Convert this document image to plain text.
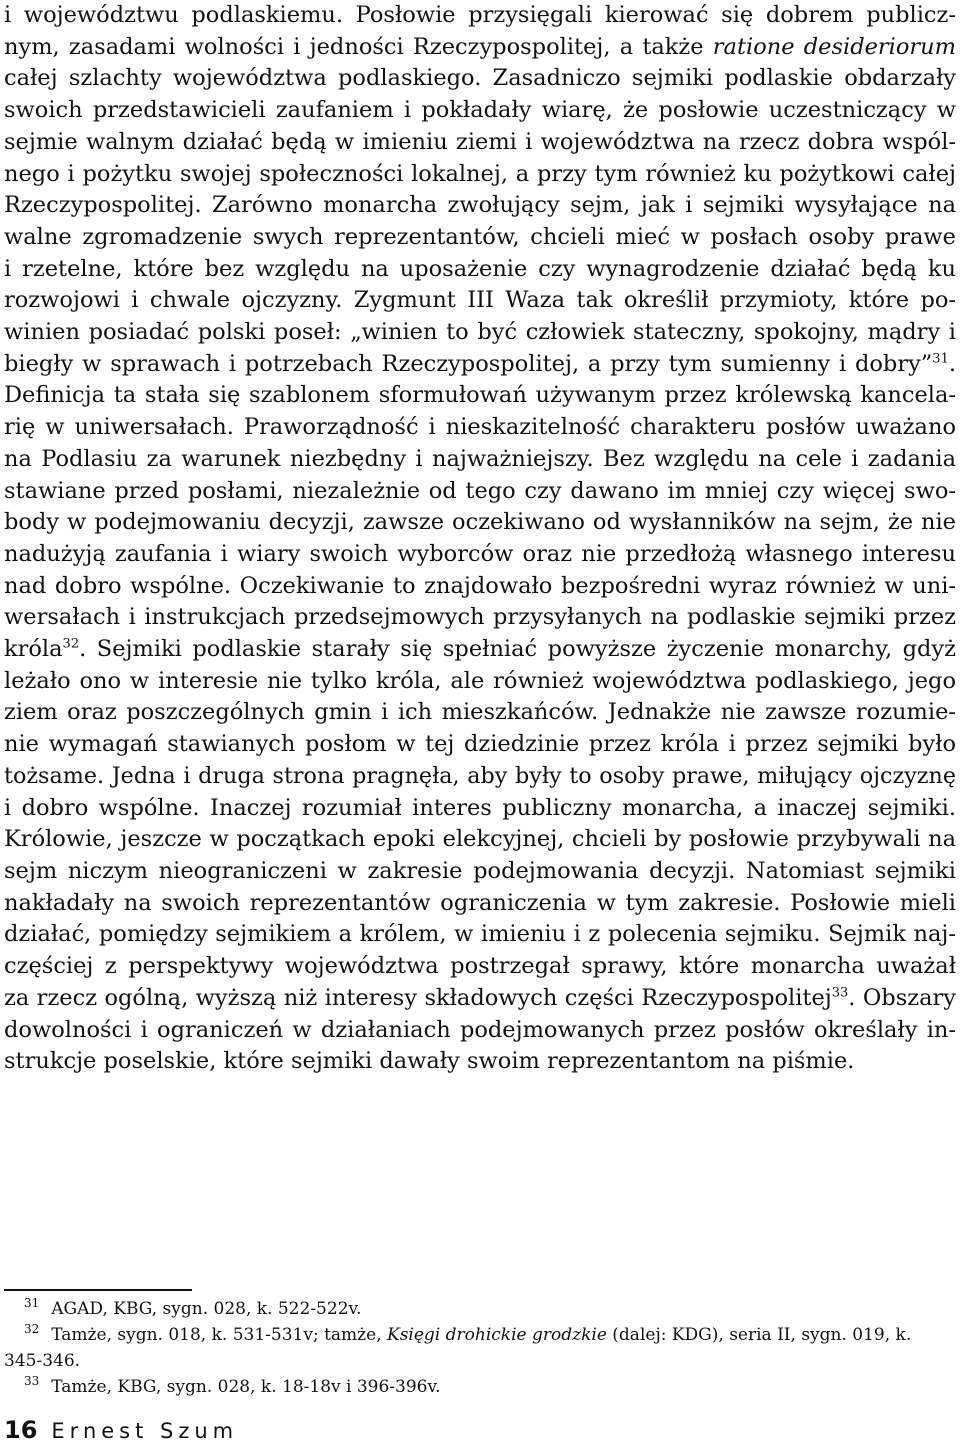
i województwu podlaskiemu. Posłowie przysięgali kierować się dobrem publicz-
nym, zasadami wolności i jedności Rzeczypospolitej, a także ratione desideriorum
całej szlachty województwa podlaskiego. Zasadniczo sejmiki podlaskie obdarzały
swoich przedstawicieli zaufaniem i pokładały wiarę, że posłowie uczestniczący w
sejmie walnym działać będą w imieniu ziemi i województwa na rzecz dobra wspól-
nego i pożytku swojej społeczności lokalnej, a przy tym również ku pożytkowi całej
Rzeczypospolitej. Zarówno monarcha zwołujący sejm, jak i sejmiki wysyłające na
walne zgromadzenie swych reprezentantów, chcieli mieć w posłach osoby prawe
i rzetelne, które bez względu na uposażenie czy wynagrodzenie działać będą ku
rozwojowi i chwale ojczyzny. Zygmunt III Waza tak określił przymioty, które po-
winien posiadać polski poseł: „winien to być człowiek stateczny, spokojny, mądry i
biegły w sprawach i potrzebach Rzeczypospolitej, a przy tym sumienny i dobry”$^{31}$.
Definicja ta stała się szablonem sformułowań używanym przez królewską kancela-
rię w uniwersałach. Praworządność i nieskazitelność charakteru posłów uważano
na Podlasiu za warunek niezbędny i najważniejszy. Bez względu na cele i zadania
stawiane przed posłami, niezależnie od tego czy dawano im mniej czy więcej swo-
body w podejmowaniu decyzji, zawsze oczekiwano od wysłanników na sejm, że nie
nadużyją zaufania i wiary swoich wyborców oraz nie przedłożą własnego interesu
nad dobro wspólne. Oczekiwanie to znajdowało bezpośredni wyraz również w uni-
wersałach i instrukcjach przedsejmowych przysyłanych na podlaskie sejmiki przez
króla$^{32}$. Sejmiki podlaskie starały się spełniać powyższe życzenie monarchy, gdyż
leżało ono w interesie nie tylko króla, ale również województwa podlaskiego, jego
ziem oraz poszczególnych gmin i ich mieszkańców. Jednakże nie zawsze rozumie-
nie wymagań stawianych posłom w tej dziedzinie przez króla i przez sejmiki było
tożsame. Jedna i druga strona pragnęła, aby były to osoby prawe, miłujący ojczyznę
i dobro wspólne. Inaczej rozumiał interes publiczny monarcha, a inaczej sejmiki.
Królowie, jeszcze w początkach epoki elekcyjnej, chcieli by posłowie przybywali na
sejm niczym nieograniczeni w zakresie podejmowania decyzji. Natomiast sejmiki
nakładały na swoich reprezentantów ograniczenia w tym zakresie. Posłowie mieli
działać, pomiędzy sejmikiem a królem, w imieniu i z polecenia sejmiku. Sejmik naj-
częściej z perspektywy województwa postrzegał sprawy, które monarcha uważał
za rzecz ogólną, wyższą niż interesy składowych części Rzeczypospolitej$^{33}$. Obszary
dowolności i ograniczeń w działaniach podejmowanych przez posłów określały in-
strukcje poselskie, które sejmiki dawały swoim reprezentantom na piśmie.
$^{31}$ AGAD, KBG, sygn. 028, k. 522-522v.
$^{32}$ Tamże, sygn. 018, k. 531-531v; tamże, Księgi drohickie grodzkie (dalej: KDG), seria II, sygn. 019, k.
345-346.
$^{33}$ Tamże, KBG, sygn. 028, k. 18-18v i 396-396v.
16 Ernest Szum
